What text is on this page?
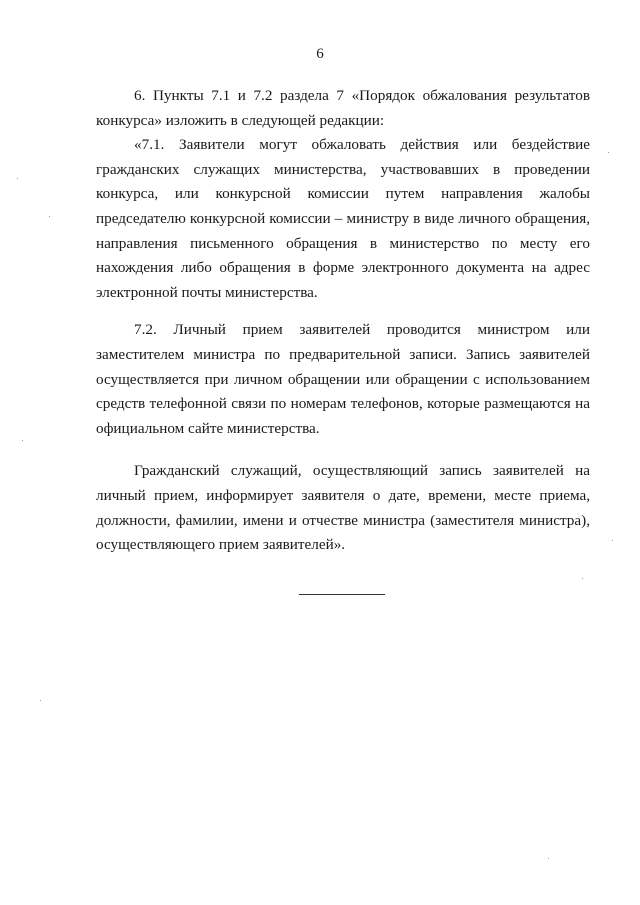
6

6. Пункты 7.1 и 7.2 раздела 7 «Порядок обжалования результатов конкурса» изложить в следующей редакции:

«7.1. Заявители могут обжаловать действия или бездействие гражданских служащих министерства, участвовавших в проведении конкурса, или конкурсной комиссии путем направления жалобы председателю конкурсной комиссии – министру в виде личного обращения, направления письменного обращения в министерство по месту его нахождения либо обращения в форме электронного документа на адрес электронной почты министерства.

7.2. Личный прием заявителей проводится министром или заместителем министра по предварительной записи. Запись заявителей осуществляется при личном обращении или обращении с использованием средств телефонной связи по номерам телефонов, которые размещаются на официальном сайте министерства.

Гражданский служащий, осуществляющий запись заявителей на личный прием, информирует заявителя о дате, времени, месте приема, должности, фамилии, имени и отчестве министра (заместителя министра), осуществляющего прием заявителей».
